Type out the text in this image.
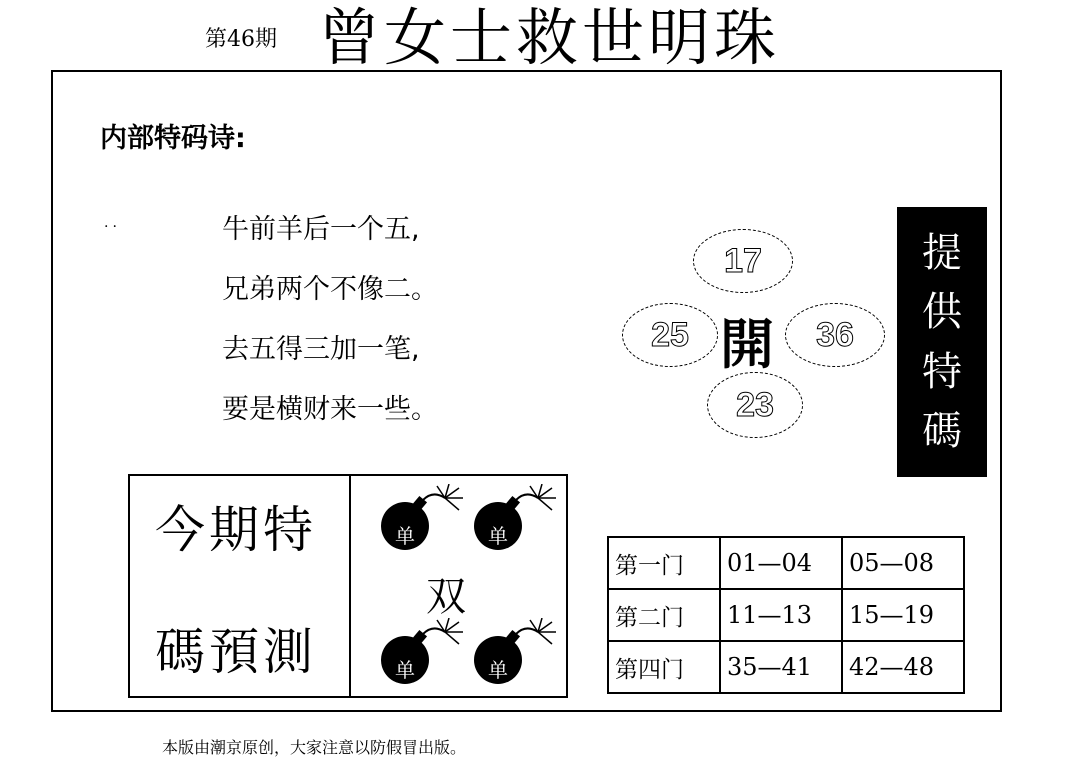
第46期 曾女士救世明珠
内部特码诗:
..	牛前羊后一个五,
兄弟两个不像二。
去五得三加一笔,
要是横财来一些。
17
25	36
23
開
提
供
特
碼
今期特
碼預測
双
单	单
单	单
第一门	01—04	05—08
第二门	11—13	15—19
第四门	35—41	42—48
本版由潮京原创，大家注意以防假冒出版。
